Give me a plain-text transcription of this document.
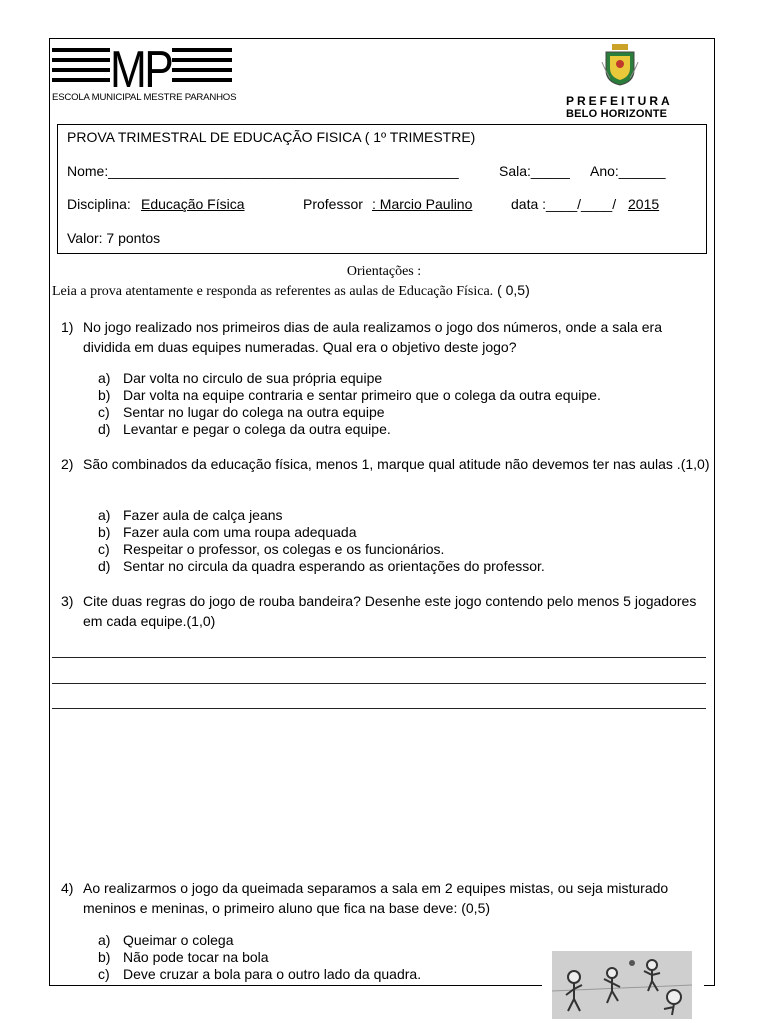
MP
ESCOLA MUNICIPAL MESTRE PARANHOS	PREFEITURA
BELO HORIZONTE
PROVA TRIMESTRAL DE EDUCAÇÃO FISICA ( 1º TRIMESTRE)
Nome:_____________________________________________	Sala:_____ Ano:______
Disciplina: Educação Física	Professor : Marcio Paulino	data :____/____/ 2015
Valor: 7 pontos
Orientações :
Leia a prova atentamente e responda as referentes as aulas de Educação Física. ( 0,5)
1) No jogo realizado nos primeiros dias de aula realizamos o jogo dos números, onde a sala era dividida em duas equipes numeradas. Qual era o objetivo deste jogo?
a) Dar volta no circulo de sua própria equipe
b) Dar volta na equipe contraria e sentar primeiro que o colega da outra equipe.
c) Sentar no lugar do colega na outra equipe
d) Levantar e pegar o colega da outra equipe.
2) São combinados da educação física, menos 1, marque qual atitude não devemos ter nas aulas .(1,0)
a) Fazer aula de calça jeans
b) Fazer aula com uma roupa adequada
c) Respeitar o professor, os colegas e os funcionários.
d) Sentar no circula da quadra esperando as orientações do professor.
3) Cite duas regras do jogo de rouba bandeira? Desenhe este jogo contendo pelo menos 5 jogadores em cada equipe.(1,0)
4) Ao realizarmos o jogo da queimada separamos a sala em 2 equipes mistas, ou seja misturado meninos e meninas, o primeiro aluno que fica na base deve: (0,5)
a) Queimar o colega
b) Não pode tocar na bola
c) Deve cruzar a bola para o outro lado da quadra.
